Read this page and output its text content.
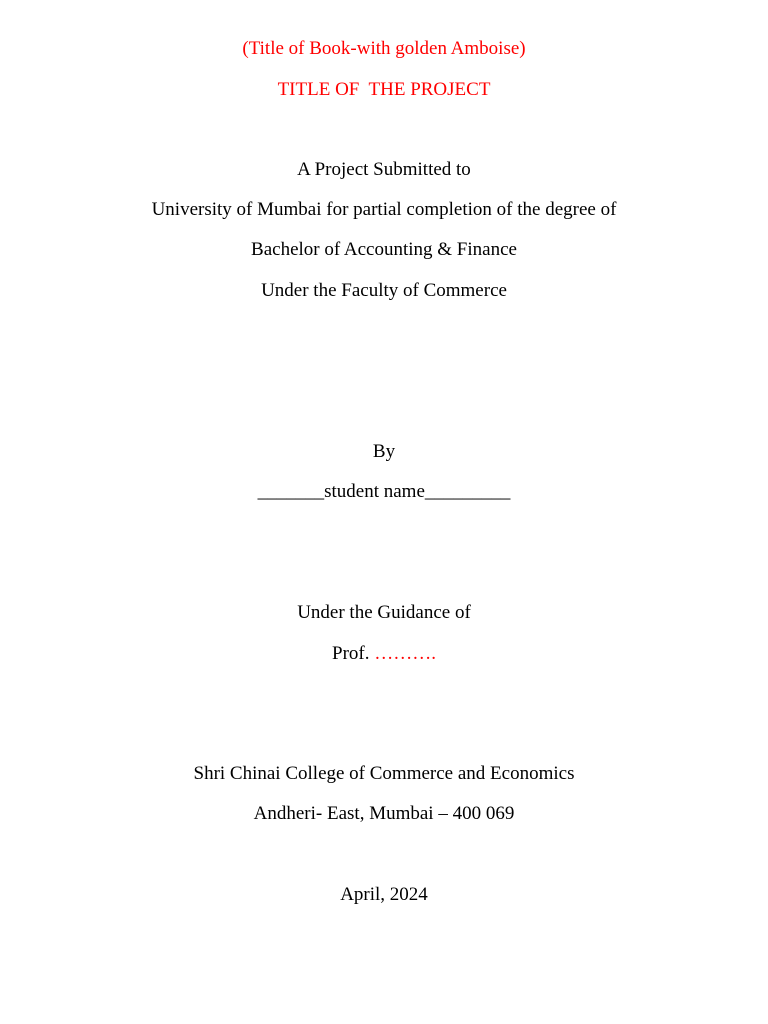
(Title of Book-with golden Amboise)
TITLE OF  THE PROJECT
A Project Submitted to
University of Mumbai for partial completion of the degree of
Bachelor of Accounting & Finance
Under the Faculty of Commerce
By
_______student name_________
Under the Guidance of
Prof. ……….
Shri Chinai College of Commerce and Economics
Andheri- East, Mumbai – 400 069
April, 2024
